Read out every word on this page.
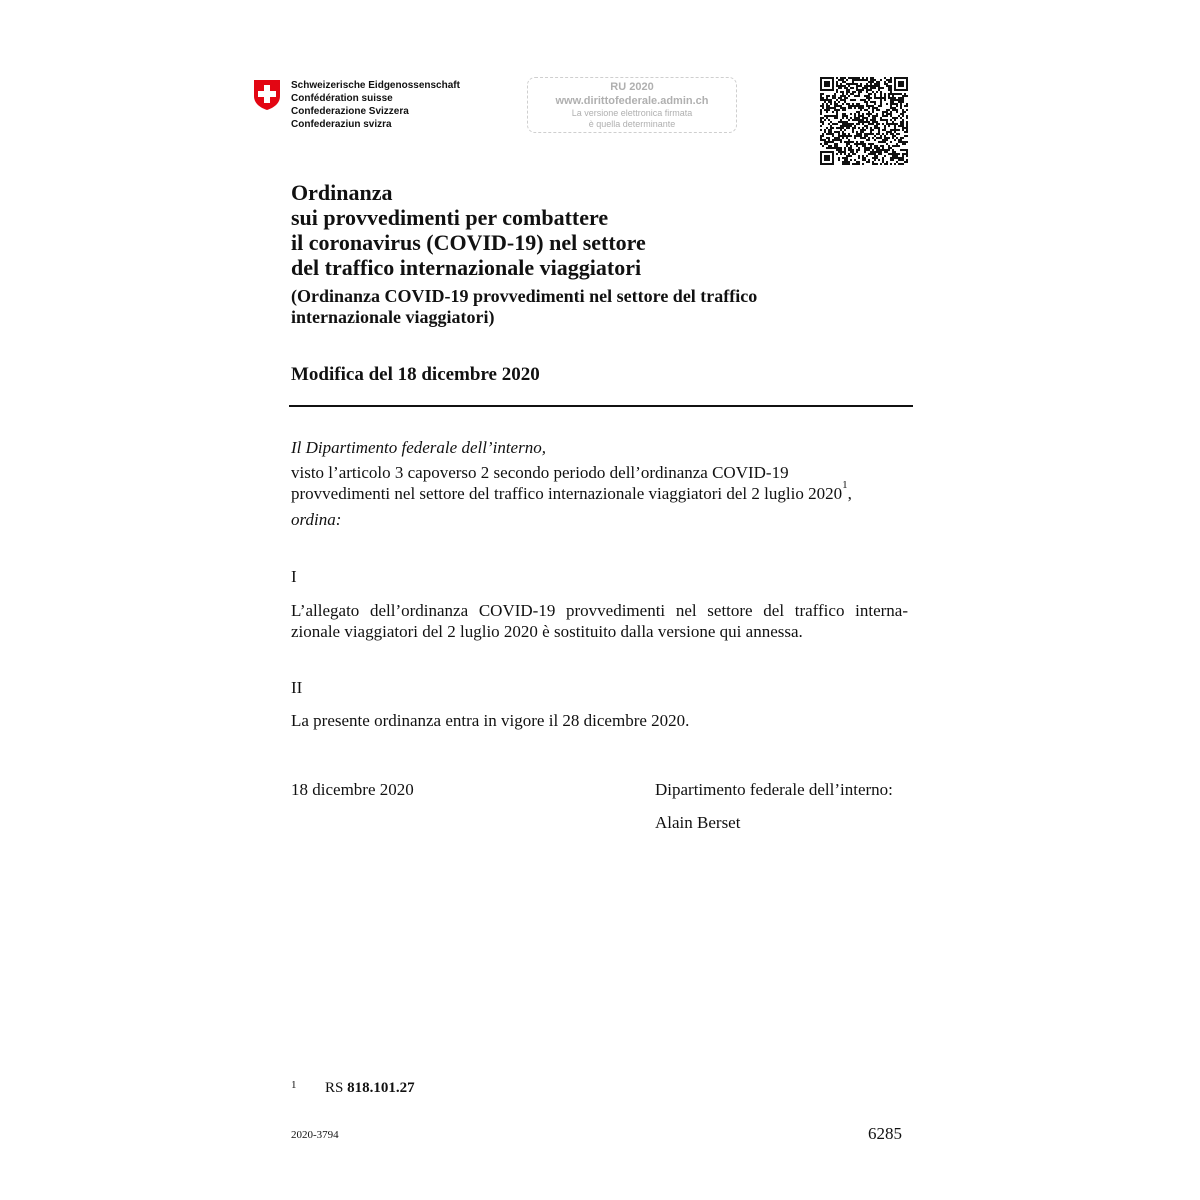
Schweizerische Eidgenossenschaft
Confédération suisse
Confederazione Svizzera
Confederaziun svizra
RU 2020
www.dirittofederale.admin.ch
La versione elettronica firmata
è quella determinante
Ordinanza
sui provvedimenti per combattere
il coronavirus (COVID-19) nel settore
del traffico internazionale viaggiatori
(Ordinanza COVID-19 provvedimenti nel settore del traffico
internazionale viaggiatori)
Modifica del 18 dicembre 2020
Il Dipartimento federale dell’interno,
visto l’articolo 3 capoverso 2 secondo periodo dell’ordinanza COVID-19
provvedimenti nel settore del traffico internazionale viaggiatori del 2 luglio 2020$^1$,
ordina:
I
L’allegato dell’ordinanza COVID-19 provvedimenti nel settore del traffico interna-
zionale viaggiatori del 2 luglio 2020 è sostituito dalla versione qui annessa.
II
La presente ordinanza entra in vigore il 28 dicembre 2020.
18 dicembre 2020	Dipartimento federale dell’interno:
Alain Berset
1 RS 818.101.27
2020-3794	6285
